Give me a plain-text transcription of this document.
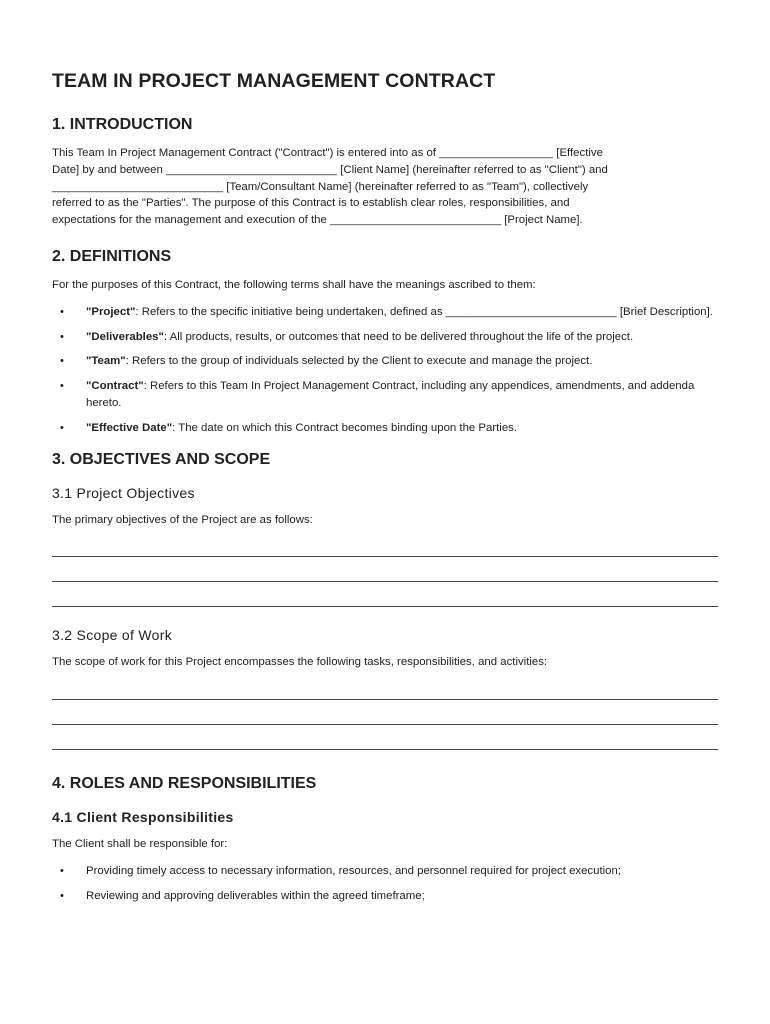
TEAM IN PROJECT MANAGEMENT CONTRACT
1. INTRODUCTION

This Team In Project Management Contract ("Contract") is entered into as of __________________ [Effective
Date] by and between ___________________________ [Client Name] (hereinafter referred to as "Client") and
___________________________ [Team/Consultant Name] (hereinafter referred to as "Team"), collectively
referred to as the "Parties". The purpose of this Contract is to establish clear roles, responsibilities, and
expectations for the management and execution of the ___________________________ [Project Name].

2. DEFINITIONS

For the purposes of this Contract, the following terms shall have the meanings ascribed to them:

• "Project": Refers to the specific initiative being undertaken, defined as ___________________________ [Brief Description].
• "Deliverables": All products, results, or outcomes that need to be delivered throughout the life of the project.
• "Team": Refers to the group of individuals selected by the Client to execute and manage the project.
• "Contract": Refers to this Team In Project Management Contract, including any appendices, amendments, and addenda hereto.
• "Effective Date": The date on which this Contract becomes binding upon the Parties.
3. OBJECTIVES AND SCOPE
3.1 Project Objectives

The primary objectives of the Project are as follows:

3.2 Scope of Work

The scope of work for this Project encompasses the following tasks, responsibilities, and activities:

4. ROLES AND RESPONSIBILITIES
4.1 Client Responsibilities

The Client shall be responsible for:

• Providing timely access to necessary information, resources, and personnel required for project execution;
• Reviewing and approving deliverables within the agreed timeframe;
